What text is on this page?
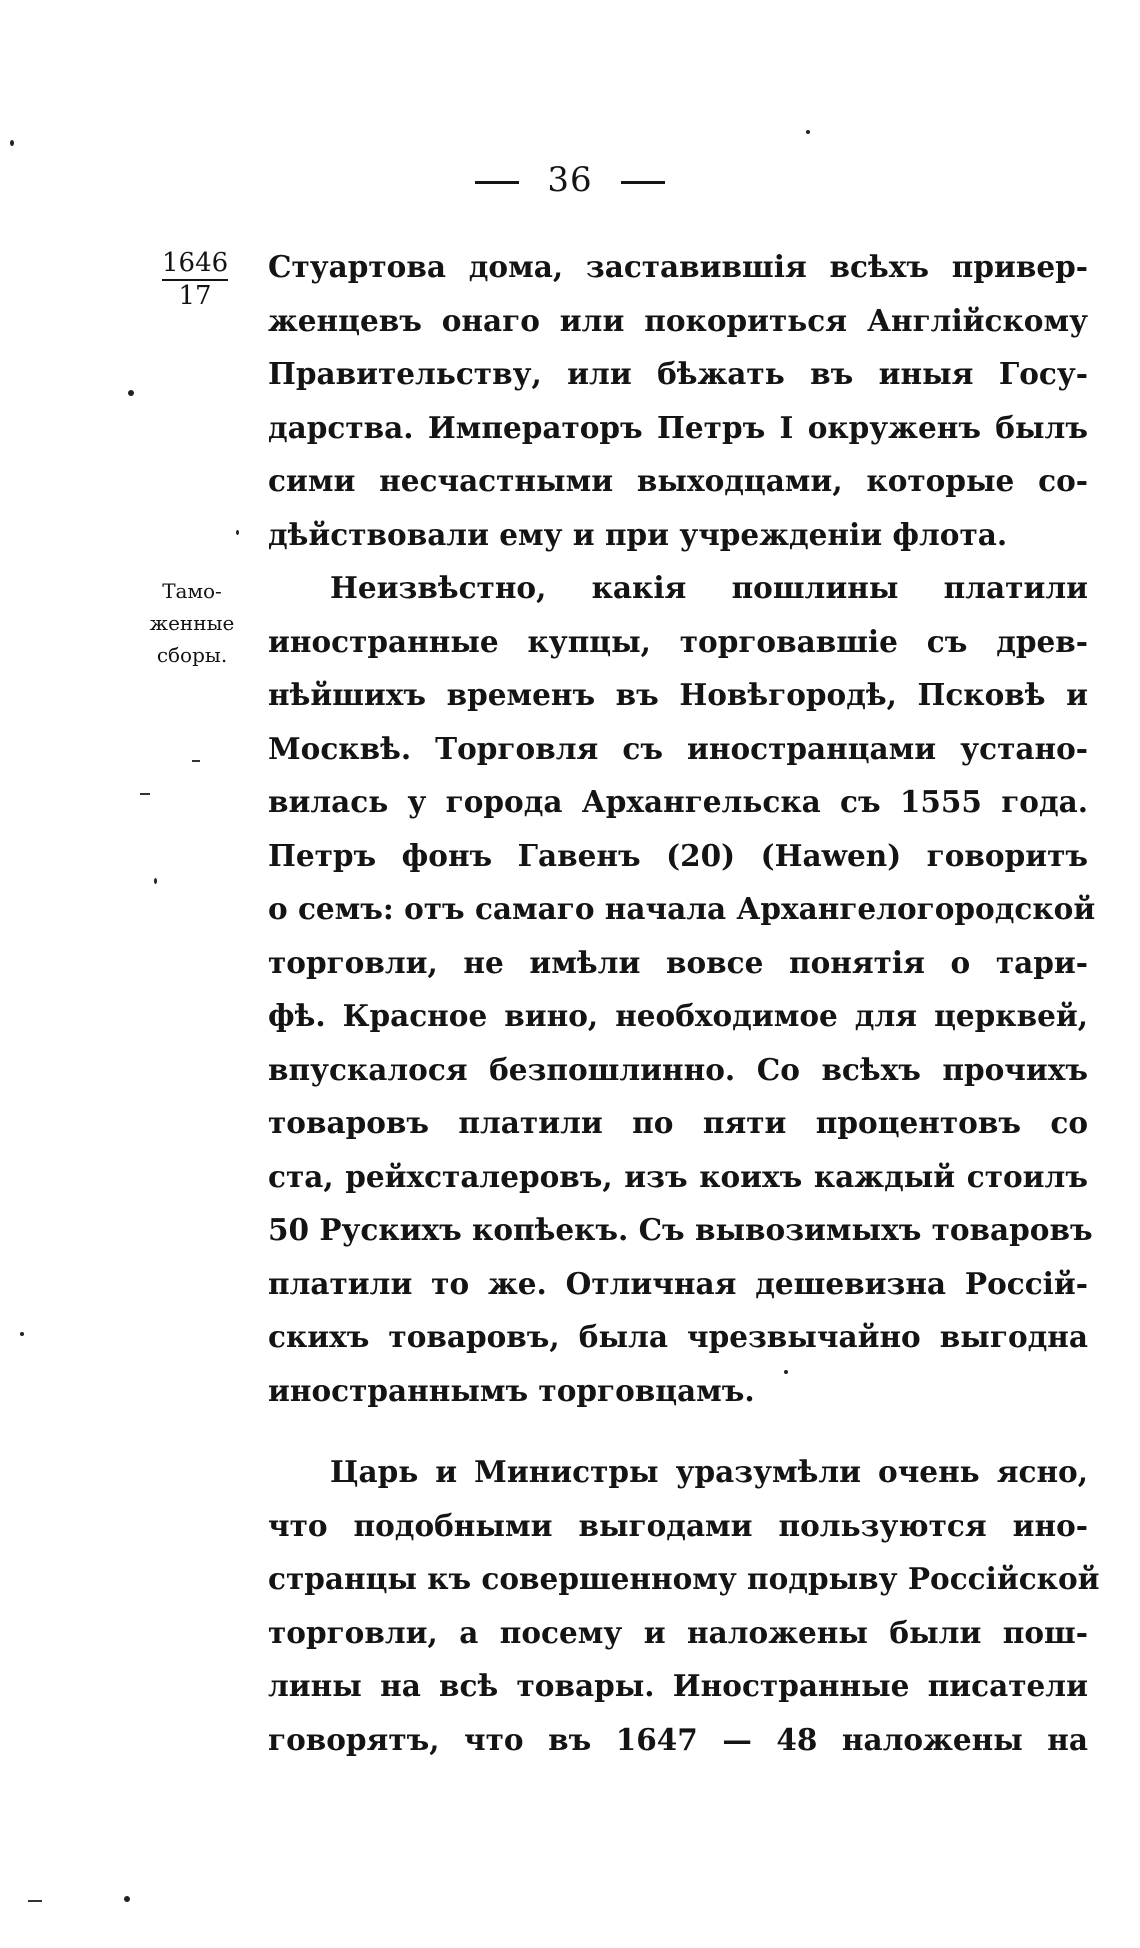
36
1646
17
Тамо-
женные
сборы.
Стуартова дома, заставившія всѣхъ привер-
женцевъ онаго или покориться Англійскому
Правительству, или бѣжать въ иныя Госу-
дарства. Императоръ Петръ I окруженъ былъ
сими несчастными выходцами, которые со-
дѣйствовали ему и при учрежденіи флота.
Неизвѣстно, какія пошлины платили
иностранные купцы, торговавшіе съ древ-
нѣйшихъ временъ въ Новѣгородѣ, Псковѣ и
Москвѣ. Торговля съ иностранцами устано-
вилась у города Архангельска съ 1555 года.
Петръ фонъ Гавенъ (20) (Hawen) говоритъ
о семъ: отъ самаго начала Архангелогородской
торговли, не имѣли вовсе понятія о тари-
фѣ. Красное вино, необходимое для церквей,
впускалося безпошлинно. Со всѣхъ прочихъ
товаровъ платили по пяти процентовъ со
ста, рейхсталеровъ, изъ коихъ каждый стоилъ
50 Рускихъ копѣекъ. Съ вывозимыхъ товаровъ
платили то же. Отличная дешевизна Россій-
скихъ товаровъ, была чрезвычайно выгодна
иностраннымъ торговцамъ.
Царь и Министры уразумѣли очень ясно,
что подобными выгодами пользуются ино-
странцы къ совершенному подрыву Россійской
торговли, а посему и наложены были пош-
лины на всѣ товары. Иностранные писатели
говорятъ, что въ 1647 — 48 наложены на
